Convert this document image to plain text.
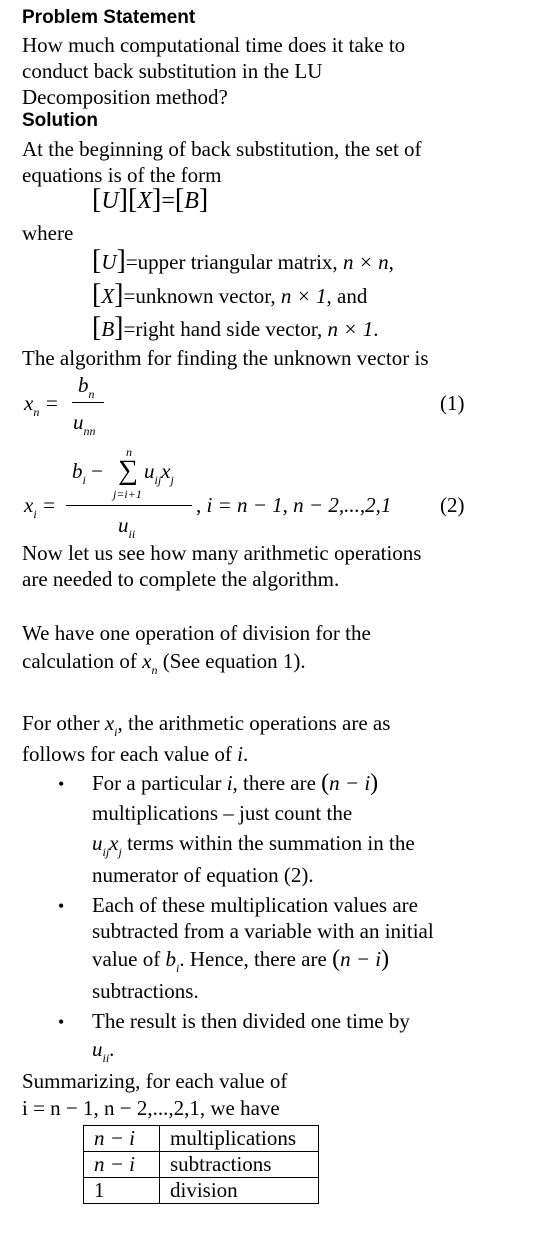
Problem Statement
How much computational time does it take to
conduct back substitution in the LU
Decomposition method?
Solution
At the beginning of back substitution, the set of
equations is of the form
[U][X]=[B]
where
[U]=upper triangular matrix, n × n,
[X]=unknown vector, n × 1, and
[B]=right hand side vector, n × 1.
The algorithm for finding the unknown vector is
$x_n$ =
$b_n$
$u_{nn}$
(1)
$x_i$ =
n
$b_i$ − ∑ $u_{ij}x_j$
j=i+1
$u_{ii}$
, i = n − 1, n − 2,...,2,1 (2)
Now let us see how many arithmetic operations
are needed to complete the algorithm.
We have one operation of division for the
calculation of $x_n$ (See equation 1).
For other $x_i$, the arithmetic operations are as
follows for each value of i.
• For a particular i, there are (n − i)
multiplications – just count the
$u_{ij}x_j$ terms within the summation in the
numerator of equation (2).
• Each of these multiplication values are
subtracted from a variable with an initial
value of $b_i$. Hence, there are (n − i)
subtractions.
• The result is then divided one time by
$u_{ii}$.
Summarizing, for each value of
i = n − 1, n − 2,...,2,1, we have
n − i	multiplications
n − i	subtractions
1	division
